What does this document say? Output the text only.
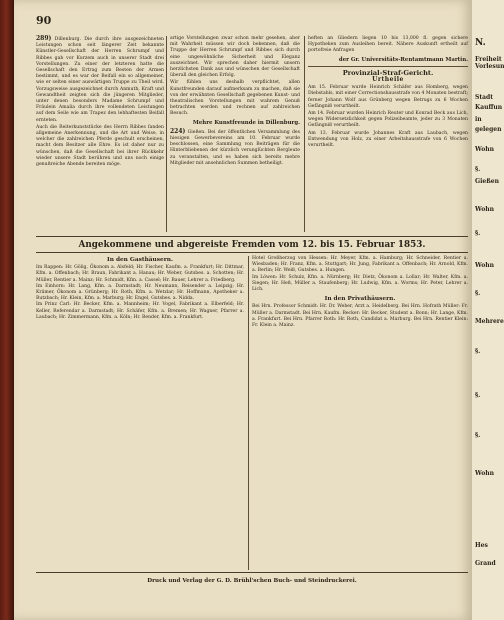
90

289) Dillenburg. Die durch ihre ausgezeichneten Leistungen schon seit längerer Zeit bekannte Künstler-Gesellschaft der Herren Schrumpf und Ribbes gab vor Kurzem auch in unserer Stadt drei Vorstellungen. Zu einer der letzteren hatte die Gesellschaft den Ertrag zum Besten der Armen bestimmt, und es war der Beifall ein so allgemeiner, wie er selten einer auswärtigen Truppe zu Theil wird. Vorzugsweise ausgezeichnet durch Anmuth, Kraft und Gewandtheit zeigten sich die jüngeren Mitglieder, unter denen besonders Madame Schrumpf und Fräulein Amalia durch ihre vollendeten Leistungen auf dem Seile wie am Trapez den lebhaftesten Beifall ernteten.

Auch die Reiterkunststücke des Herrn Ribbes fanden allgemeine Anerkennung, und die Art und Weise, in welcher die zahlreichen Pferde geschult erscheinen, macht dem Besitzer alle Ehre. Es ist daher nur zu wünschen, daß die Gesellschaft bei ihrer Rückkehr wieder unsere Stadt berühren und uns noch einige genußreiche Abende bereiten möge.

artige Vorstellungen zwar schon mehr gesehen, aber mit Wahrheit müssen wir doch bekennen, daß die Truppe der Herren Schrumpf und Ribbes sich durch eine ungewöhnliche Sicherheit und Eleganz auszeichnet. Wir sprechen daher hiermit unsern herzlichsten Dank aus und wünschen der Gesellschaft überall den gleichen Erfolg.

Wir fühlen uns deshalb verpflichtet, allen Kunstfreunden darauf aufmerksam zu machen, daß sie von der erwähnten Gesellschaft gegebenen Kunst- und theatralischen Vorstellungen mit wahrem Genuß betrachten werden und rechnen auf zahlreichen Besuch.

Mehre Kunstfreunde in Dillenburg.

224) Gießen. Bei der öffentlichen Versammlung des hiesigen Gewerbevereins am 10. Februar wurde beschlossen, eine Sammlung von Beiträgen für die Hinterbliebenen der kürzlich verunglückten Bergleute zu veranstalten, und es haben sich bereits mehre Mitglieder mit ansehnlichen Summen betheiligt.

heften an Gliedern liegen 10 bis 13,000 fl. gegen sichere Hypotheken zum Ausleihen bereit. Nähere Auskunft ertheilt auf portofreie Anfragen

der Gr. Universitäts-Rentamtmann Martin.
Provinzial-Straf-Gericht.
Urtheile

Am 15. Februar wurde Heinrich Schäfer aus Homberg, wegen Diebstahls, mit einer Correctionshausstrafe von 4 Monaten bestraft; ferner Johann Wolf aus Grünberg wegen Betrugs zu 6 Wochen Gefängniß verurtheilt.

Am 14. Februar wurden Heinrich Reuter und Konrad Beck aus Lich, wegen Widersetzlichkeit gegen Polizeibeamte, jeder zu 3 Monaten Gefängniß verurtheilt.

Am 13. Februar wurde Johannes Kraft aus Laubach, wegen Entwendung von Holz, zu einer Arbeitshausstrafe von 6 Wochen verurtheilt.

Angekommene und abgereiste Fremden vom 12. bis 15. Februar 1853.
In den Gasthäusern.

Im Rappen: Hr. Gölig, Ökonom a. Alsfeld; Hr. Fischer, Kaufm. a. Frankfurt; Hr. Dittmar, Kfm. a. Offenbach; Hr. Braun, Fabrikant a. Hanau; Hr. Weber, Gutsbes. a. Schotten; Hr. Müller, Rentier a. Mainz; Hr. Schmidt, Kfm. a. Cassel; Hr. Bauer, Lehrer a. Friedberg.

Im Einhorn: Hr. Lang, Kfm. a. Darmstadt; Hr. Neumann, Reisender a. Leipzig; Hr. Krämer, Ökonom a. Grünberg; Hr. Roth, Kfm. a. Wetzlar; Hr. Hoffmann, Apotheker a. Butzbach; Hr. Klein, Kfm. a. Marburg; Hr. Engel, Gutsbes. a. Nidda.

Im Prinz Carl: Hr. Becker, Kfm. a. Mannheim; Hr. Vogel, Fabrikant a. Elberfeld; Hr. Keller, Referendar a. Darmstadt; Hr. Schäfer, Kfm. a. Bremen; Hr. Wagner, Pfarrer a. Laubach; Hr. Zimmermann, Kfm. a. Köln; Hr. Bender, Kfm. a. Frankfurt.

Hotel Großherzog von Hessen: Hr. Meyer, Kfm. a. Hamburg; Hr. Schneider, Rentier a. Wiesbaden; Hr. Franz, Kfm. a. Stuttgart; Hr. Jung, Fabrikant a. Offenbach; Hr. Arnold, Kfm. a. Berlin; Hr. Weiß, Gutsbes. a. Hungen.

Im Löwen: Hr. Schulz, Kfm. a. Nürnberg; Hr. Dietz, Ökonom a. Lollar; Hr. Walter, Kfm. a. Siegen; Hr. Heß, Müller a. Staufenberg; Hr. Ludwig, Kfm. a. Worms; Hr. Peter, Lehrer a. Lich.

In den Privathäusern.

Bei Hrn. Professor Schmidt: Hr. Dr. Weber, Arzt a. Heidelberg. Bei Hrn. Hofrath Müller: Fr. Müller a. Darmstadt. Bei Hrn. Kaufm. Becker: Hr. Becker, Student a. Bonn; Hr. Lange, Kfm. a. Frankfurt. Bei Hrn. Pfarrer Roth: Hr. Roth, Candidat a. Marburg. Bei Hrn. Rentier Klein: Fr. Klein a. Mainz.

Druck und Verlag der G. D. Brühl'schen Buch- und Steindruckerei.
N.
Freiheit
Vorlesun
Stadt
Kauffun
in
gelegen
Wohn
§.
Gießen
Wohn
§.
Wohn
§.
Mehrere
§.
§.
§.
Wohn
Hes
Grand
